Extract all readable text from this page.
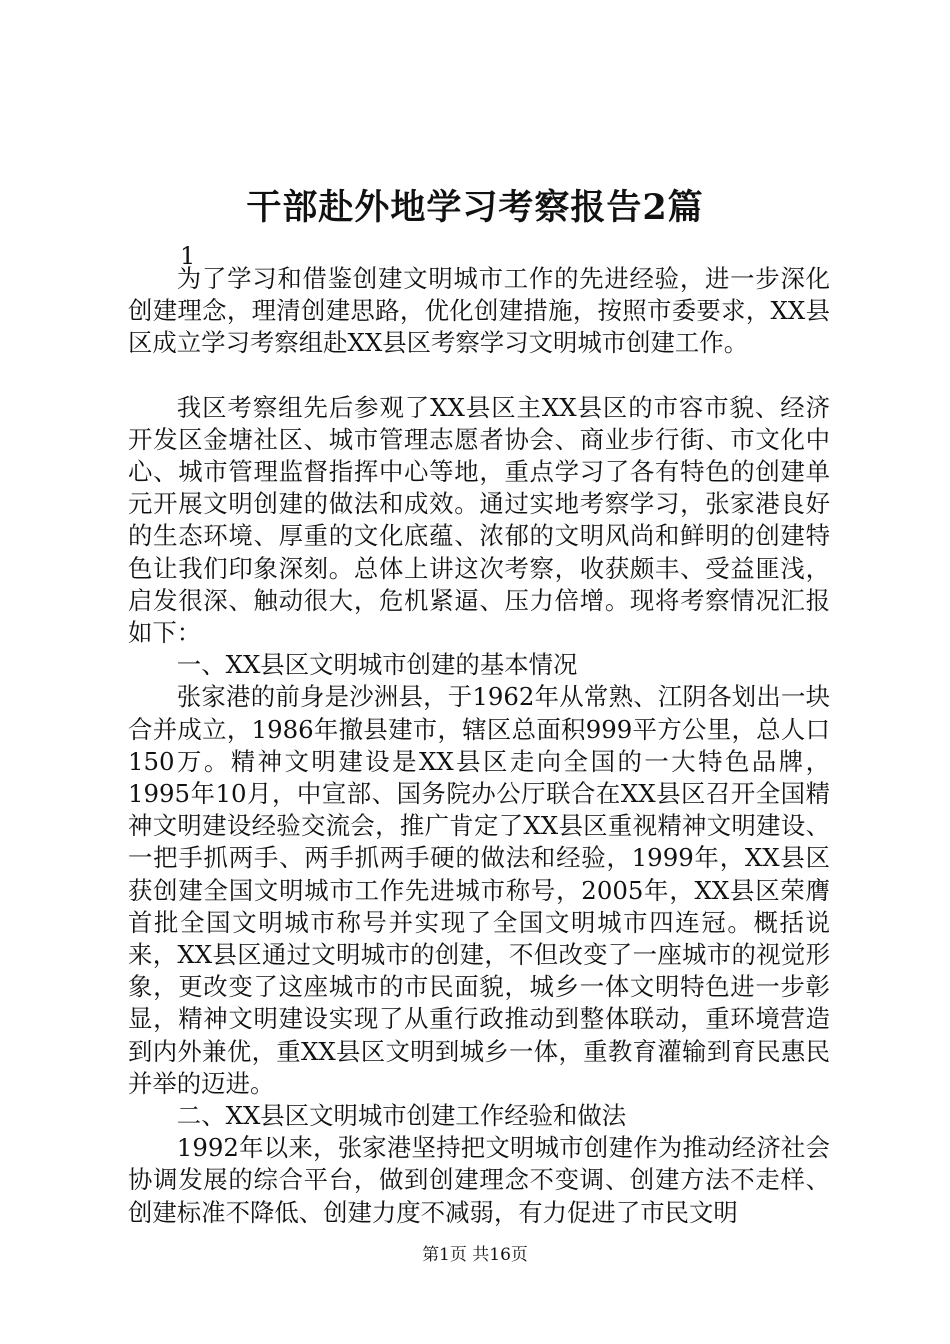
干部赴外地学习考察报告2篇
1

为了学习和借鉴创建文明城市工作的先进经验，进一步深化创建理念，理清创建思路，优化创建措施，按照市委要求，XX县区成立学习考察组赴XX县区考察学习文明城市创建工作。

我区考察组先后参观了XX县区主XX县区的市容市貌、经济开发区金塘社区、城市管理志愿者协会、商业步行街、市文化中心、城市管理监督指挥中心等地，重点学习了各有特色的创建单元开展文明创建的做法和成效。通过实地考察学习，张家港良好的生态环境、厚重的文化底蕴、浓郁的文明风尚和鲜明的创建特色让我们印象深刻。总体上讲这次考察，收获颇丰、受益匪浅，启发很深、触动很大，危机紧逼、压力倍增。现将考察情况汇报如下：

一、XX县区文明城市创建的基本情况

张家港的前身是沙洲县，于1962年从常熟、江阴各划出一块合并成立，1986年撤县建市，辖区总面积999平方公里，总人口150万。精神文明建设是XX县区走向全国的一大特色品牌，1995年10月，中宣部、国务院办公厅联合在XX县区召开全国精神文明建设经验交流会，推广肯定了XX县区重视精神文明建设、一把手抓两手、两手抓两手硬的做法和经验，1999年，XX县区获创建全国文明城市工作先进城市称号，2005年，XX县区荣膺首批全国文明城市称号并实现了全国文明城市四连冠。概括说来，XX县区通过文明城市的创建，不但改变了一座城市的视觉形象，更改变了这座城市的市民面貌，城乡一体文明特色进一步彰显，精神文明建设实现了从重行政推动到整体联动，重环境营造到内外兼优，重XX县区文明到城乡一体，重教育灌输到育民惠民并举的迈进。

二、XX县区文明城市创建工作经验和做法

1992年以来，张家港坚持把文明城市创建作为推动经济社会协调发展的综合平台，做到创建理念不变调、创建方法不走样、创建标准不降低、创建力度不减弱，有力促进了市民文明

第1页 共16页
